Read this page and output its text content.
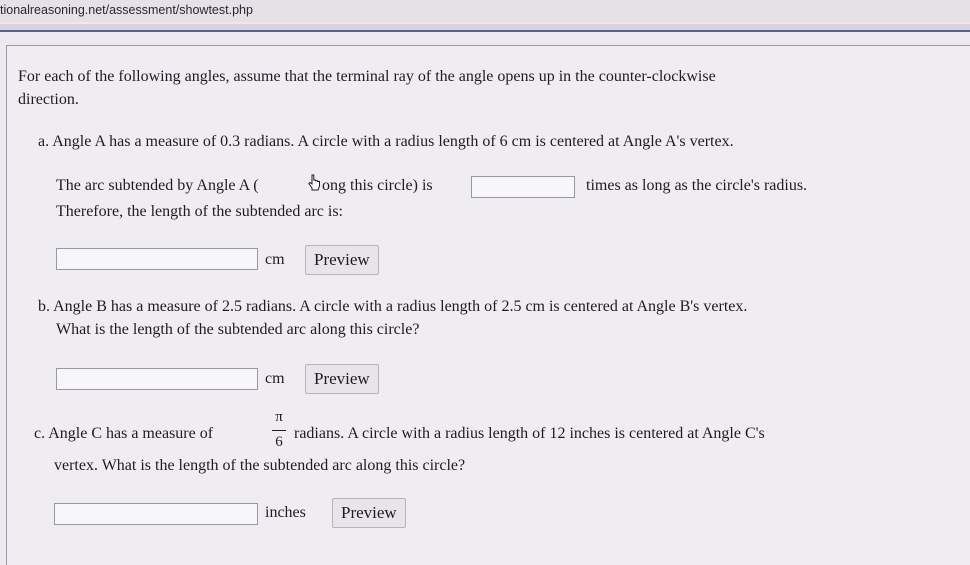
tionalreasoning.net/assessment/showtest.php
For each of the following angles, assume that the terminal ray of the angle opens up in the counter-clockwise
direction.
a. Angle A has a measure of 0.3 radians. A circle with a radius length of 6 cm is centered at Angle A's vertex.
The arc subtended by Angle A (	ong this circle) is	times as long as the circle's radius.
Therefore, the length of the subtended arc is:
cm	Preview
b. Angle B has a measure of 2.5 radians. A circle with a radius length of 2.5 cm is centered at Angle B's vertex.
What is the length of the subtended arc along this circle?
cm	Preview
c. Angle C has a measure of
π
6 radians. A circle with a radius length of 12 inches is centered at Angle C's
vertex. What is the length of the subtended arc along this circle?
inches	Preview
